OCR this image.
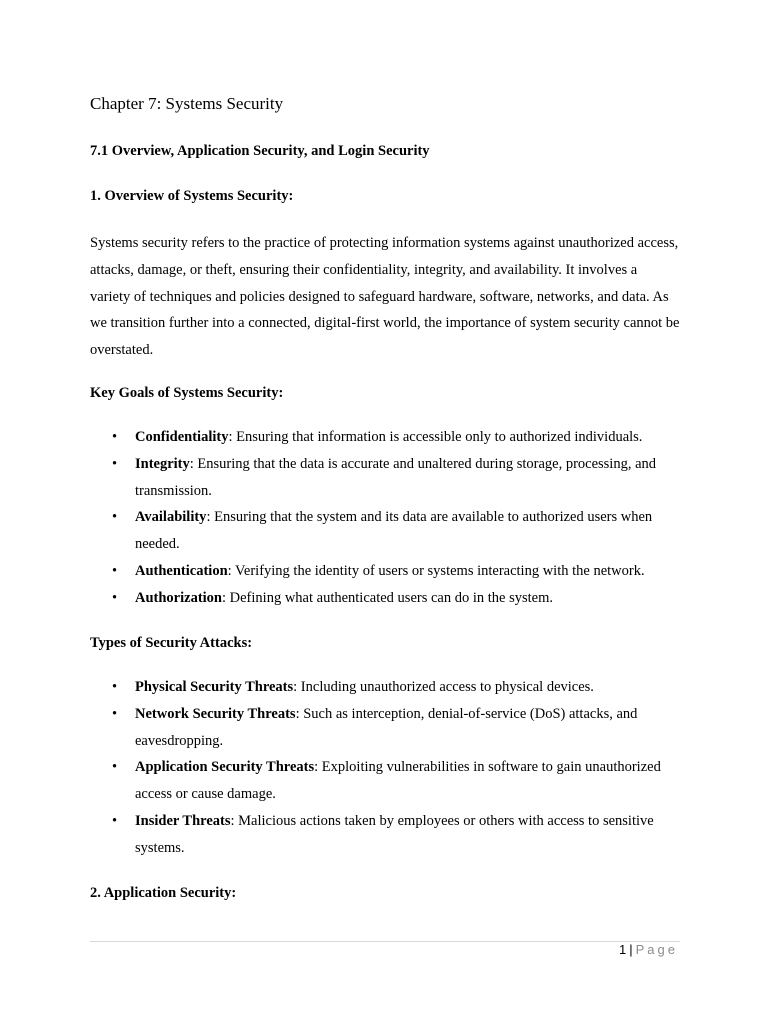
Chapter 7: Systems Security
7.1 Overview, Application Security, and Login Security
1. Overview of Systems Security:

Systems security refers to the practice of protecting information systems against unauthorized access, attacks, damage, or theft, ensuring their confidentiality, integrity, and availability. It involves a variety of techniques and policies designed to safeguard hardware, software, networks, and data. As we transition further into a connected, digital-first world, the importance of system security cannot be overstated.

Key Goals of Systems Security:
• Confidentiality: Ensuring that information is accessible only to authorized individuals.
• Integrity: Ensuring that the data is accurate and unaltered during storage, processing, and transmission.
• Availability: Ensuring that the system and its data are available to authorized users when needed.
• Authentication: Verifying the identity of users or systems interacting with the network.
• Authorization: Defining what authenticated users can do in the system.
Types of Security Attacks:
• Physical Security Threats: Including unauthorized access to physical devices.
• Network Security Threats: Such as interception, denial-of-service (DoS) attacks, and eavesdropping.
• Application Security Threats: Exploiting vulnerabilities in software to gain unauthorized access or cause damage.
• Insider Threats: Malicious actions taken by employees or others with access to sensitive systems.
2. Application Security:
1 | Page
